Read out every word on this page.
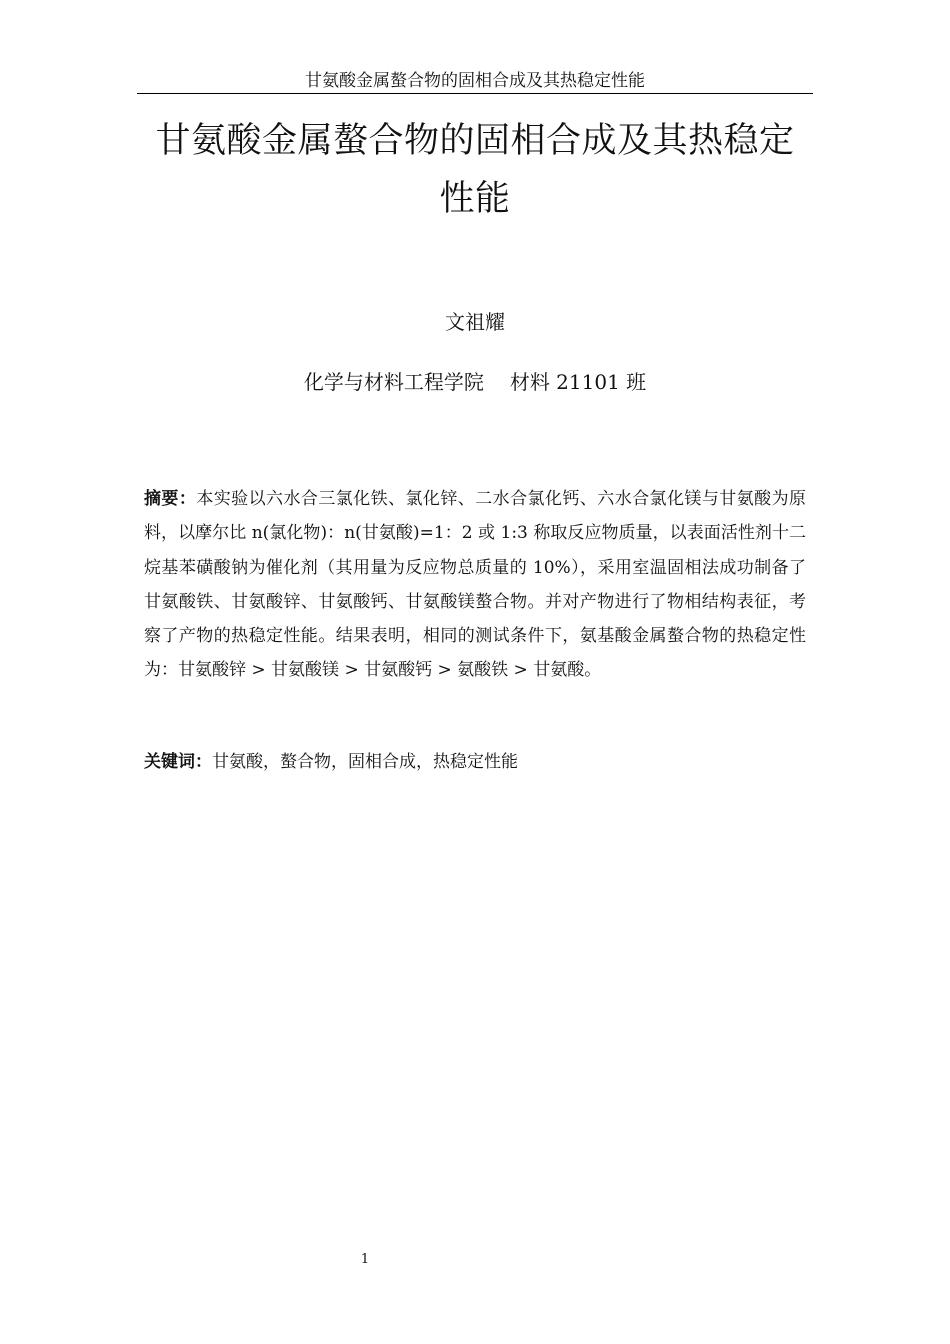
甘氨酸金属螯合物的固相合成及其热稳定性能
甘氨酸金属螯合物的固相合成及其热稳定
性能
文祖耀
化学与材料工程学院 材料 21101 班
摘要：本实验以六水合三氯化铁、氯化锌、二水合氯化钙、六水合氯化镁与甘氨酸为原料，以摩尔比 n(氯化物)：n(甘氨酸)=1：2 或 1:3 称取反应物质量，以表面活性剂十二烷基苯磺酸钠为催化剂（其用量为反应物总质量的 10%），采用室温固相法成功制备了甘氨酸铁、甘氨酸锌、甘氨酸钙、甘氨酸镁螯合物。并对产物进行了物相结构表征，考察了产物的热稳定性能。结果表明，相同的测试条件下，氨基酸金属螯合物的热稳定性为：甘氨酸锌 > 甘氨酸镁 > 甘氨酸钙 > 氨酸铁 > 甘氨酸。
关键词：甘氨酸，螯合物，固相合成，热稳定性能
1
